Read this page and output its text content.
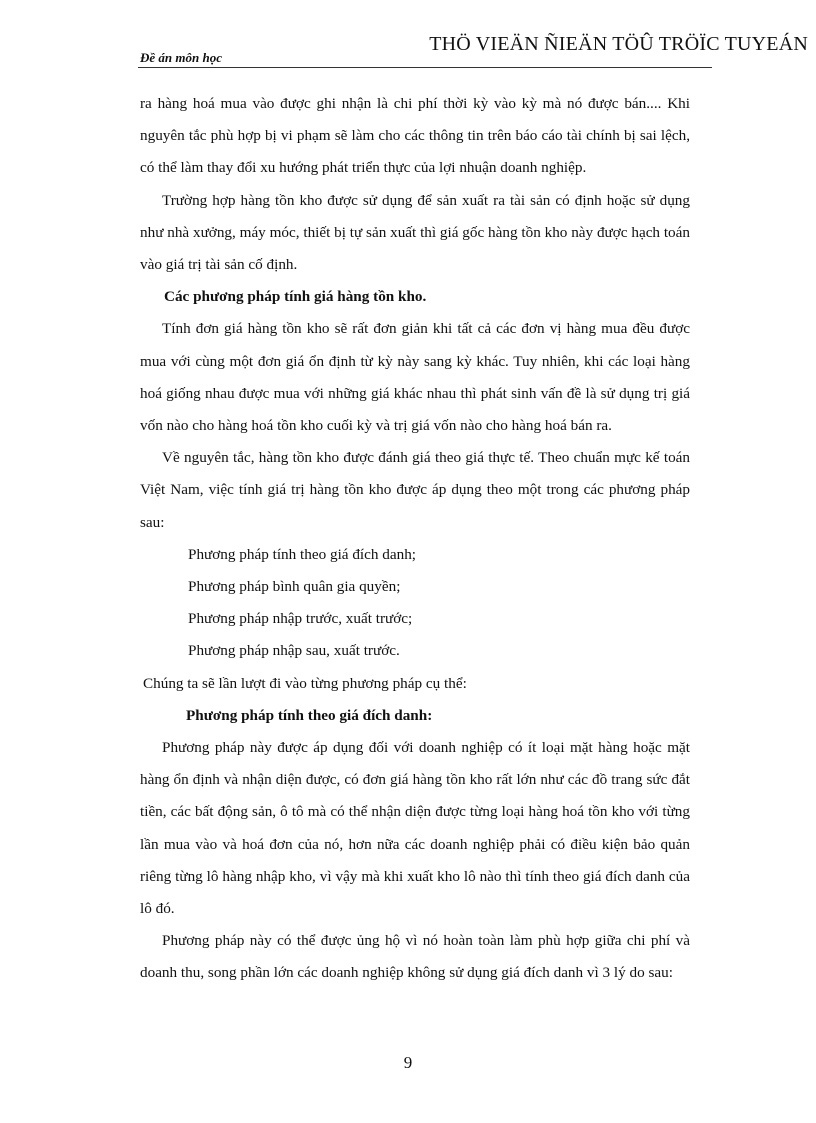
Đề án môn học
THÖ VIEÄN ÑIEÄN TÖÛ TRÖÏC TUYEÁN

ra hàng hoá mua vào được ghi nhận là chi phí thời kỳ vào kỳ mà nó được bán.... Khi nguyên tắc phù hợp bị vi phạm sẽ làm cho các thông tin trên báo cáo tài chính bị sai lệch, có thể làm thay đổi xu hướng phát triển thực của lợi nhuận doanh nghiệp.

Trường hợp hàng tồn kho được sử dụng để sản xuất ra tài sản có định hoặc sử dụng như nhà xưởng, máy móc, thiết bị tự sản xuất thì giá gốc hàng tồn kho này được hạch toán vào giá trị tài sản cố định.

Các phương pháp tính giá hàng tồn kho.

Tính đơn giá hàng tồn kho sẽ rất đơn giản khi tất cả các đơn vị hàng mua đều được mua với cùng một đơn giá ổn định từ kỳ này sang kỳ khác. Tuy nhiên, khi các loại hàng hoá giống nhau được mua với những giá khác nhau thì phát sinh vấn đề là sử dụng trị giá vốn nào cho hàng hoá tồn kho cuối kỳ và trị giá vốn nào cho hàng hoá bán ra.

Về nguyên tắc, hàng tồn kho được đánh giá theo giá thực tế. Theo chuẩn mực kế toán Việt Nam, việc tính giá trị hàng tồn kho được áp dụng theo một trong các phương pháp sau:

Phương pháp tính theo giá đích danh;

Phương pháp bình quân gia quyền;

Phương pháp nhập trước, xuất trước;

Phương pháp nhập sau, xuất trước.

Chúng ta sẽ lần lượt đi vào từng phương pháp cụ thể:

Phương pháp tính theo giá đích danh:

Phương pháp này được áp dụng đối với doanh nghiệp có ít loại mặt hàng hoặc mặt hàng ổn định và nhận diện được, có đơn giá hàng tồn kho rất lớn như các đồ trang sức đắt tiền, các bất động sản, ô tô mà có thể nhận diện được từng loại hàng hoá tồn kho với từng lần mua vào và hoá đơn của nó, hơn nữa các doanh nghiệp phải có điều kiện bảo quản riêng từng lô hàng nhập kho, vì vậy mà khi xuất kho lô nào thì tính theo giá đích danh của lô đó.

Phương pháp này có thể được ủng hộ vì nó hoàn toàn làm phù hợp giữa chi phí và doanh thu, song phần lớn các doanh nghiệp không sử dụng giá đích danh vì 3 lý do sau:

9
